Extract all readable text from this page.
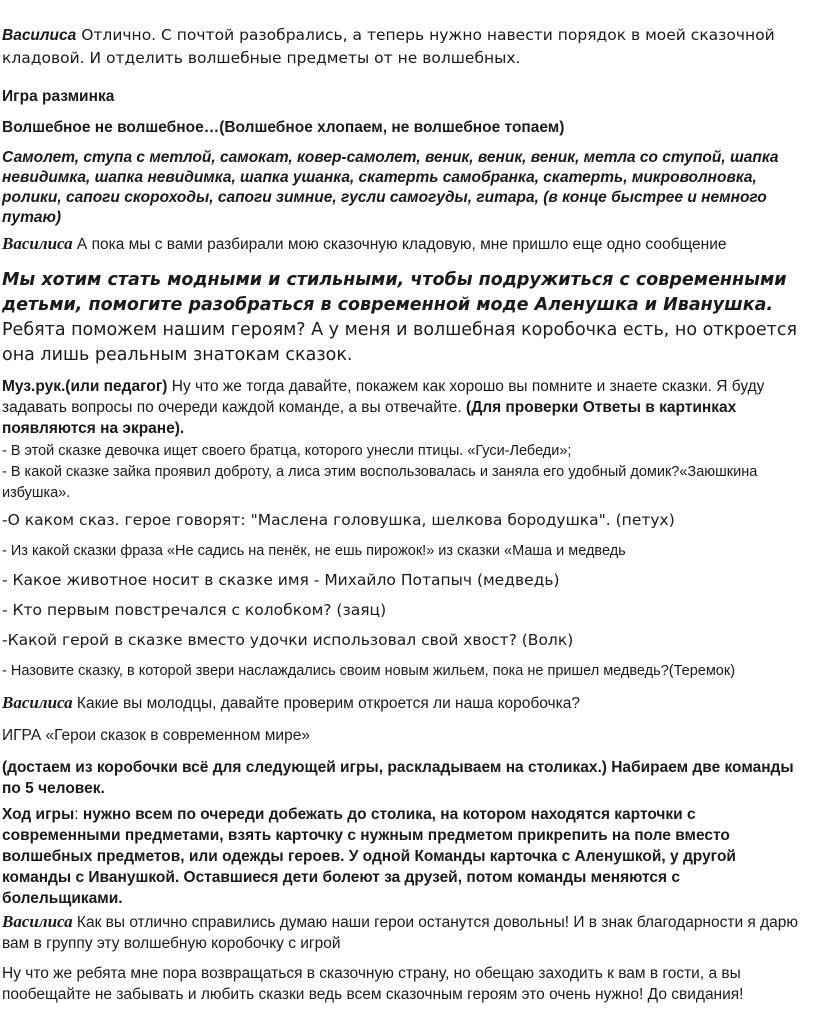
Василиса Отлично. С почтой разобрались, а теперь нужно навести порядок в моей сказочной кладовой. И отделить волшебные предметы от не волшебных.

Игра разминка

Волшебное не волшебное…(Волшебное хлопаем, не волшебное топаем)

Самолет, ступа с метлой, самокат, ковер-самолет, веник, веник, веник, метла со ступой, шапка невидимка, шапка невидимка, шапка ушанка, скатерть самобранка, скатерть, микроволновка, ролики, сапоги скороходы, сапоги зимние, гусли самогуды, гитара, (в конце быстрее и немного путаю)

Василиса А пока мы с вами разбирали мою сказочную кладовую, мне пришло еще одно сообщение

Мы хотим стать модными и стильными, чтобы подружиться с современными детьми, помогите разобраться в современной моде Аленушка и Иванушка. Ребята поможем нашим героям? А у меня и волшебная коробочка есть, но откроется она лишь реальным знатокам сказок.

Муз.рук.(или педагог) Ну что же тогда давайте, покажем как хорошо вы помните и знаете сказки. Я буду задавать вопросы по очереди каждой команде, а вы отвечайте. (Для проверки Ответы в картинках появляются на экране).

- В этой сказке девочка ищет своего братца, которого унесли птицы. «Гуси-Лебеди»;

- В какой сказке зайка проявил доброту, а лиса этим воспользовалась и заняла его удобный домик?«Заюшкина избушка».

-О каком сказ. герое говорят: "Маслена головушка, шелкова бородушка". (петух)

- Из какой сказки фраза «Не садись на пенёк, не ешь пирожок!» из сказки «Маша и медведь

- Какое животное носит в сказке имя - Михайло Потапыч (медведь)

- Кто первым повстречался с колобком? (заяц)

-Какой герой в сказке вместо удочки использовал свой хвост? (Волк)

- Назовите сказку, в которой звери наслаждались своим новым жильем, пока не пришел медведь?(Теремок)

Василиса Какие вы молодцы, давайте проверим откроется ли наша коробочка?

ИГРА «Герои сказок в современном мире»

(достаем из коробочки всё для следующей игры, раскладываем на столиках.) Набираем две команды по 5 человек.

Ход игры: нужно всем по очереди добежать до столика, на котором находятся карточки с современными предметами, взять карточку с нужным предметом прикрепить на поле вместо волшебных предметов, или одежды героев. У одной Команды карточка с Аленушкой, у другой команды с Иванушкой. Оставшиеся дети болеют за друзей, потом команды меняются с болельщиками.

Василиса Как вы отлично справились думаю наши герои останутся довольны! И в знак благодарности я дарю вам в группу эту волшебную коробочку с игрой

Ну что же ребята мне пора возвращаться в сказочную страну, но обещаю заходить к вам в гости, а вы пообещайте не забывать и любить сказки ведь всем сказочным героям это очень нужно! До свидания!
